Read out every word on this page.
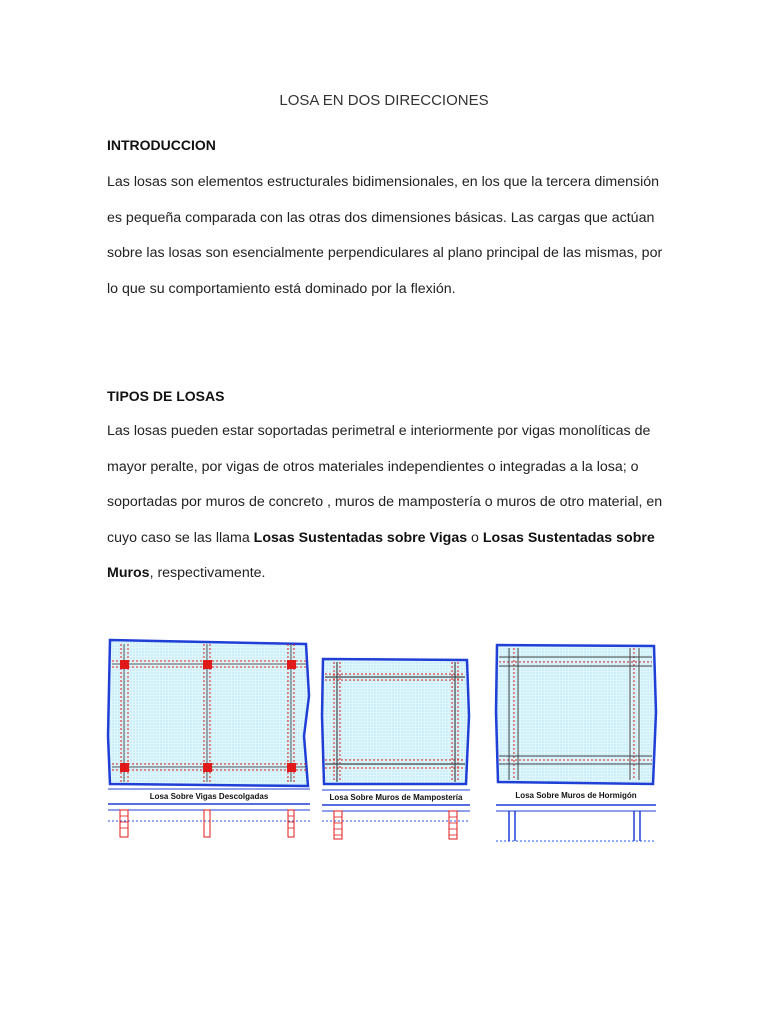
LOSA EN DOS DIRECCIONES
INTRODUCCION

Las losas son elementos estructurales bidimensionales, en los que la tercera dimensión es pequeña comparada con las otras dos dimensiones básicas. Las cargas que actúan sobre las losas son esencialmente perpendiculares al plano principal de las mismas, por lo que su comportamiento está dominado por la flexión.

TIPOS DE LOSAS

Las losas pueden estar soportadas perimetral e interiormente por vigas monolíticas de mayor peralte, por vigas de otros materiales independientes o integradas a la losa; o soportadas por muros de concreto , muros de mampostería o muros de otro material, en cuyo caso se las llama Losas Sustentadas sobre Vigas o Losas Sustentadas sobre Muros, respectivamente.

Losa Sobre Vigas Descolgadas	Losa Sobre Muros de Mampostería	Losa Sobre Muros de Hormigón
